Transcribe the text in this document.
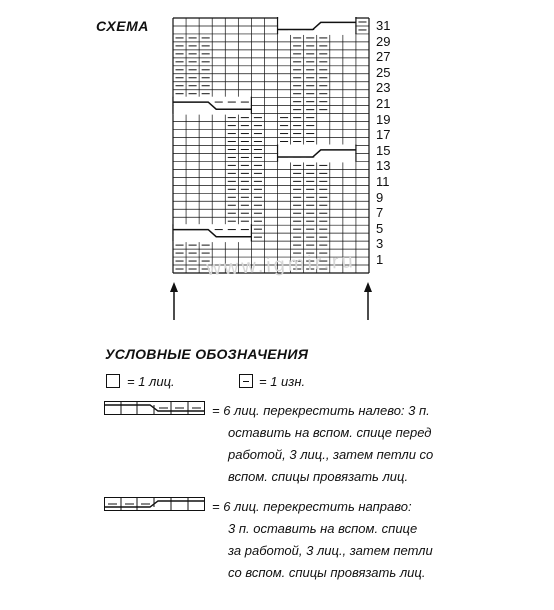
СХЕМА	31
29
27
25
23
21
19
17
15
13
11
9
7
5
3
1
www.igmir.ru
УСЛОВНЫЕ ОБОЗНАЧЕНИЯ
= 1 лиц.	= 1 изн.
= 6 лиц. перекрестить налево: 3 п.
оставить на вспом. спице перед
работой, 3 лиц., затем петли со
вспом. спицы провязать лиц.
= 6 лиц. перекрестить направо:
3 п. оставить на вспом. спице
за работой, 3 лиц., затем петли
со вспом. спицы провязать лиц.
